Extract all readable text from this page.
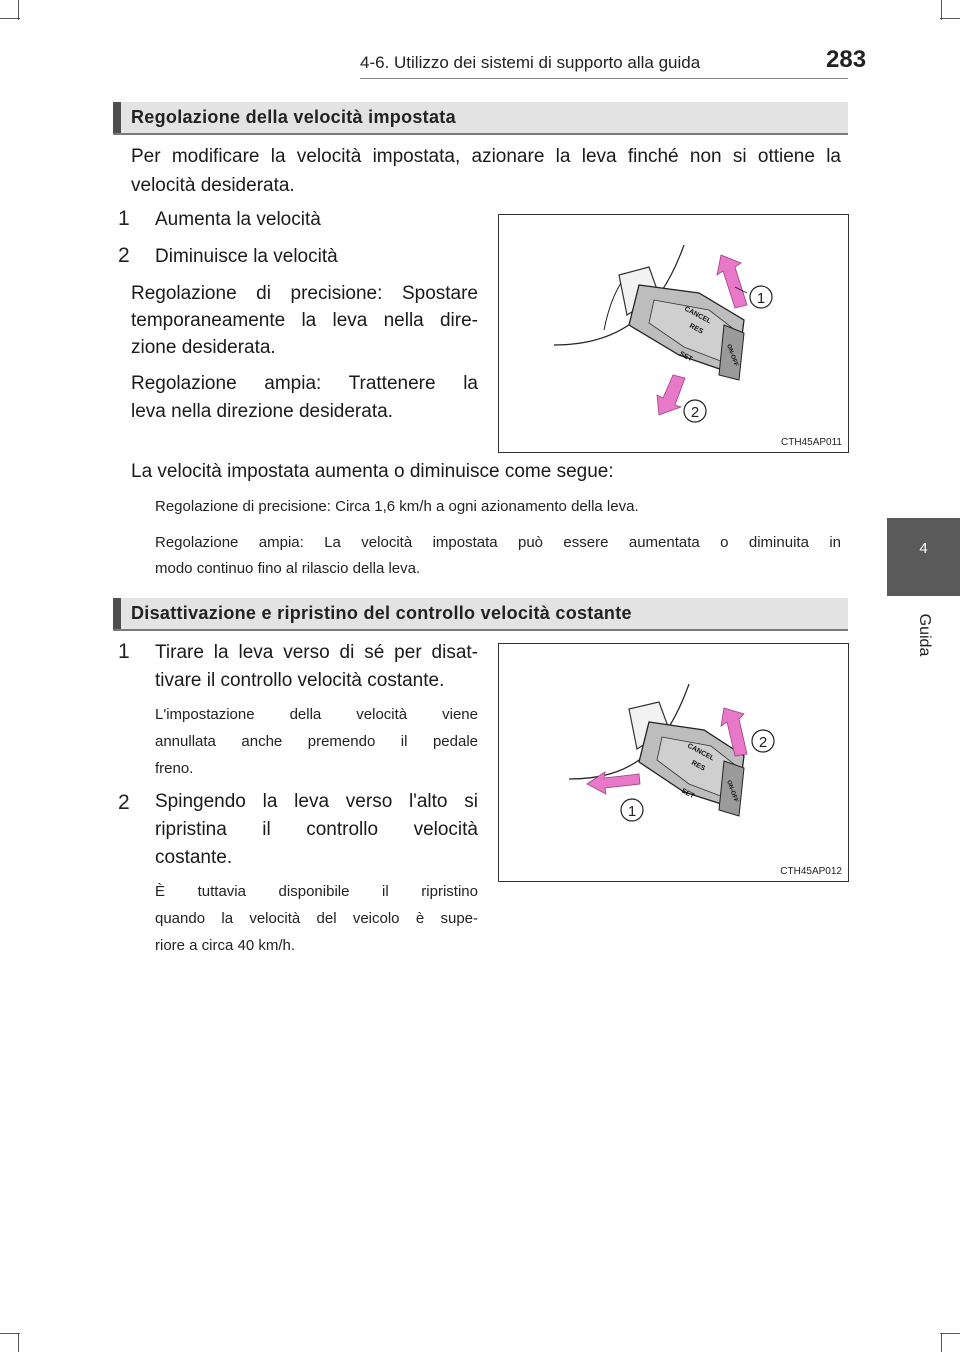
4-6. Utilizzo dei sistemi di supporto alla guida	283
4
Guida
Regolazione della velocità impostata
Per modificare la velocità impostata, azionare la leva finché non si ottiene la
velocità desiderata.
1 Aumenta la velocità
2 Diminuisce la velocità
Regolazione di precisione: Spostare
temporaneamente la leva nella dire-
zione desiderata.
Regolazione ampia: Trattenere la
leva nella direzione desiderata.
CANCEL
RES
SET	ON-OFF
1
2
CTH45AP011
La velocità impostata aumenta o diminuisce come segue:
Regolazione di precisione: Circa 1,6 km/h a ogni azionamento della leva.
Regolazione ampia: La velocità impostata può essere aumentata o diminuita in
modo continuo fino al rilascio della leva.
Disattivazione e ripristino del controllo velocità costante
1 Tirare la leva verso di sé per disat-
tivare il controllo velocità costante.
L'impostazione della velocità viene
annullata anche premendo il pedale
freno.
2 Spingendo la leva verso l'alto si
ripristina il controllo velocità
costante.
È tuttavia disponibile il ripristino
quando la velocità del veicolo è supe-
riore a circa 40 km/h.
CANCEL
RES
SET	ON-OFF
2
1
CTH45AP012
